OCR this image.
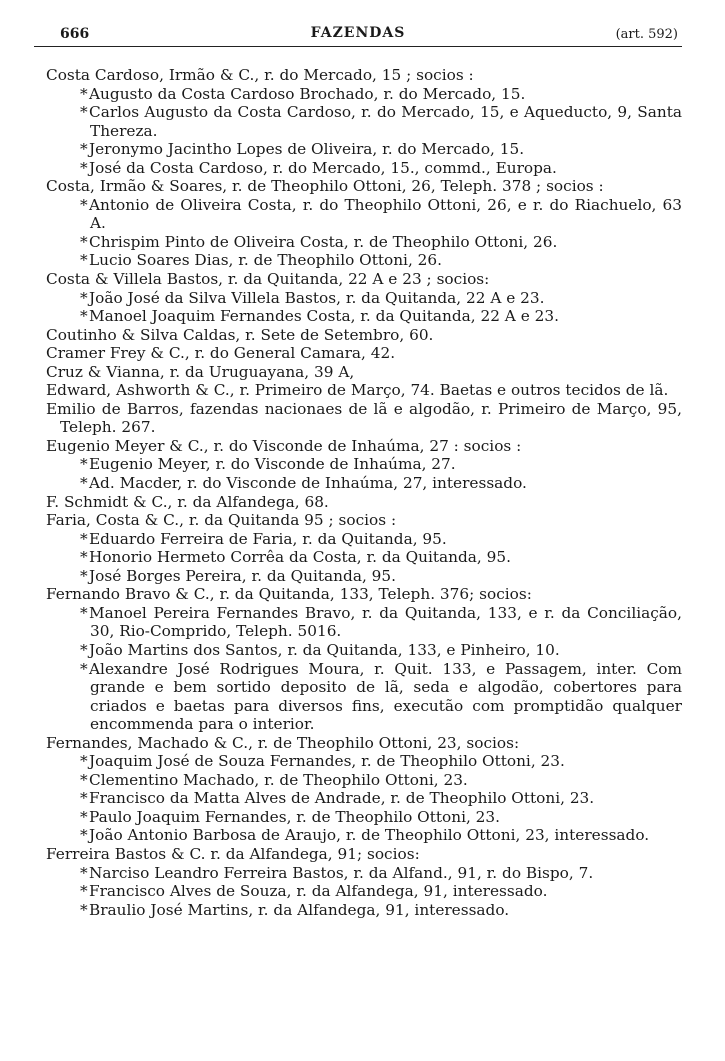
666	FAZENDAS	(art. 592)
Costa Cardoso, Irmão & C., r. do Mercado, 15 ; socios :
*Augusto da Costa Cardoso Brochado, r. do Mercado, 15.
*Carlos Augusto da Costa Cardoso, r. do Mercado, 15, e Aqueducto, 9, Santa Thereza.
*Jeronymo Jacintho Lopes de Oliveira, r. do Mercado, 15.
*José da Costa Cardoso, r. do Mercado, 15., commd., Europa.
Costa, Irmão & Soares, r. de Theophilo Ottoni, 26, Teleph. 378 ; socios :
*Antonio de Oliveira Costa, r. do Theophilo Ottoni, 26, e r. do Riachuelo, 63 A.
*Chrispim Pinto de Oliveira Costa, r. de Theophilo Ottoni, 26.
*Lucio Soares Dias, r. de Theophilo Ottoni, 26.
Costa & Villela Bastos, r. da Quitanda, 22 A e 23 ; socios:
*João José da Silva Villela Bastos, r. da Quitanda, 22 A e 23.
*Manoel Joaquim Fernandes Costa, r. da Quitanda, 22 A e 23.
Coutinho & Silva Caldas, r. Sete de Setembro, 60.
Cramer Frey & C., r. do General Camara, 42.
Cruz & Vianna, r. da Uruguayana, 39 A,
Edward, Ashworth & C., r. Primeiro de Março, 74. Baetas e outros tecidos de lã.
Emilio de Barros, fazendas nacionaes de lã e algodão, r. Primeiro de Março, 95, Teleph. 267.
Eugenio Meyer & C., r. do Visconde de Inhaúma, 27 : socios :
*Eugenio Meyer, r. do Visconde de Inhaúma, 27.
*Ad. Macder, r. do Visconde de Inhaúma, 27, interessado.
F. Schmidt & C., r. da Alfandega, 68.
Faria, Costa & C., r. da Quitanda 95 ; socios :
*Eduardo Ferreira de Faria, r. da Quitanda, 95.
*Honorio Hermeto Corrêa da Costa, r. da Quitanda, 95.
*José Borges Pereira, r. da Quitanda, 95.
Fernando Bravo & C., r. da Quitanda, 133, Teleph. 376; socios:
*Manoel Pereira Fernandes Bravo, r. da Quitanda, 133, e r. da Conciliação, 30, Rio-Comprido, Teleph. 5016.
*João Martins dos Santos, r. da Quitanda, 133, e Pinheiro, 10.
*Alexandre José Rodrigues Moura, r. Quit. 133, e Passagem, inter. Com grande e bem sortido deposito de lã, seda e algodão, cobertores para criados e baetas para diversos fins, executão com promptidão qualquer encommenda para o interior.
Fernandes, Machado & C., r. de Theophilo Ottoni, 23, socios:
*Joaquim José de Souza Fernandes, r. de Theophilo Ottoni, 23.
*Clementino Machado, r. de Theophilo Ottoni, 23.
*Francisco da Matta Alves de Andrade, r. de Theophilo Ottoni, 23.
*Paulo Joaquim Fernandes, r. de Theophilo Ottoni, 23.
*João Antonio Barbosa de Araujo, r. de Theophilo Ottoni, 23, interessado.
Ferreira Bastos & C. r. da Alfandega, 91; socios:
*Narciso Leandro Ferreira Bastos, r. da Alfand., 91, r. do Bispo, 7.
*Francisco Alves de Souza, r. da Alfandega, 91, interessado.
*Braulio José Martins, r. da Alfandega, 91, interessado.
